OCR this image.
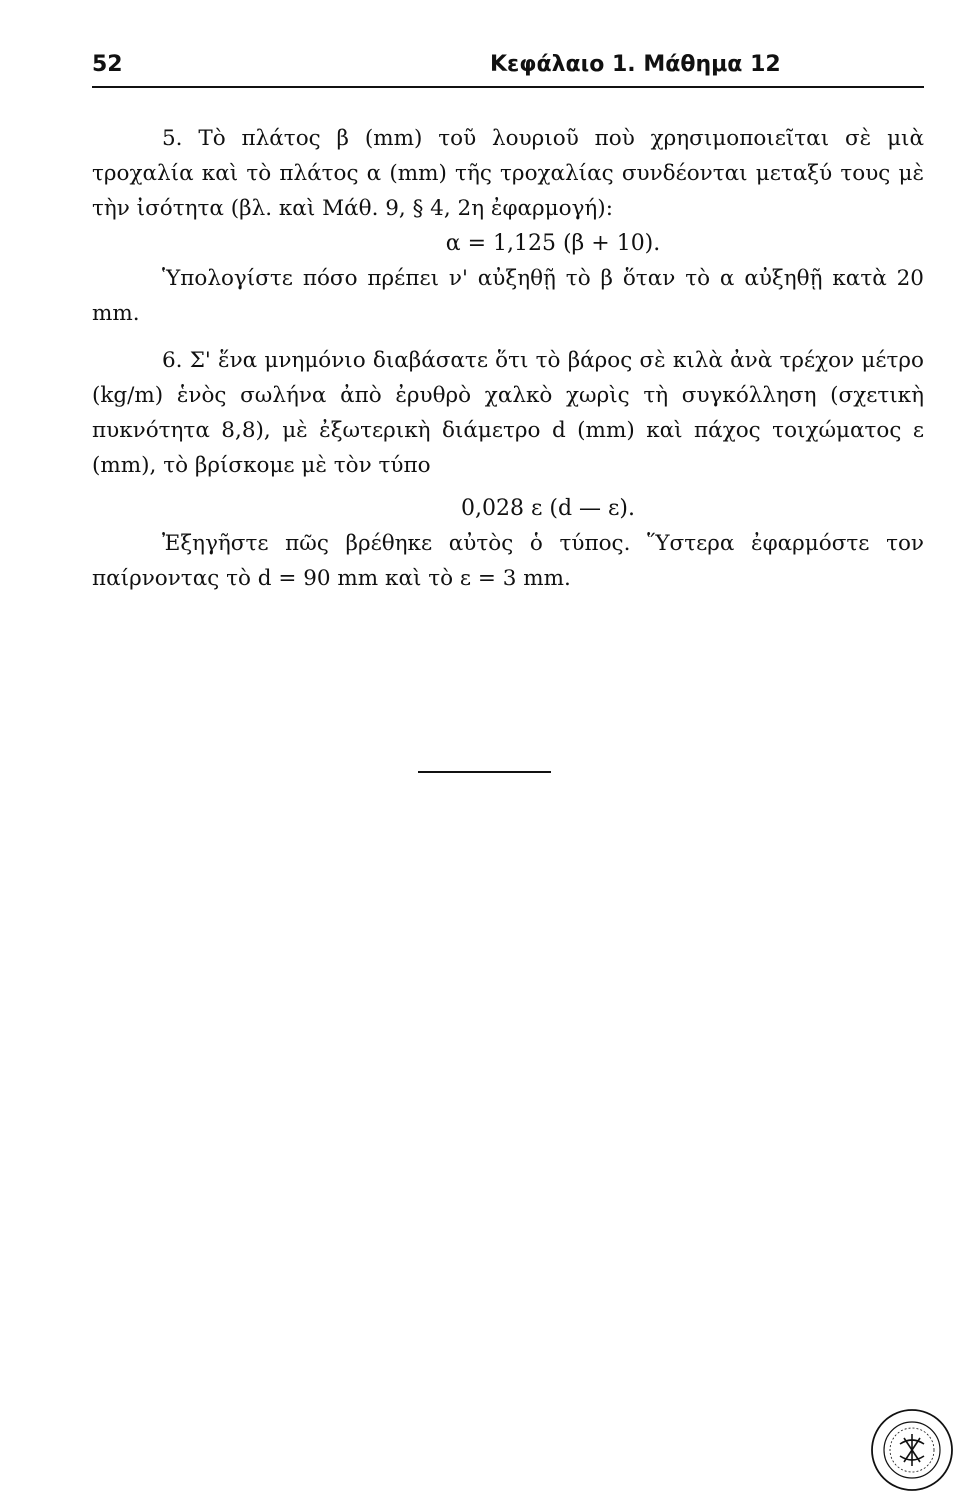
52	Κεφάλαιο 1. Μάθημα 12

5. Τὸ πλάτος β (mm) τοῦ λουριοῦ ποὺ χρησιμοποιεῖται σὲ μιὰ τροχαλία καὶ τὸ πλάτος α (mm) τῆς τροχαλίας συνδέονται μεταξύ τους μὲ τὴν ἰσότητα (βλ. καὶ Μάθ. 9, § 4, 2η ἐφαρμογή):

α = 1,125 (β + 10).

Ὑπολογίστε πόσο πρέπει ν' αὐξηθῇ τὸ β ὅταν τὸ α αὐξηθῇ κατὰ 20 mm.

6. Σ' ἕνα μνημόνιο διαβάσατε ὅτι τὸ βάρος σὲ κιλὰ ἀνὰ τρέχον μέτρο (kg/m) ἑνὸς σωλήνα ἀπὸ ἐρυθρὸ χαλκὸ χωρὶς τὴ συγκόλληση (σχετικὴ πυκνότητα 8,8), μὲ ἐξωτερικὴ διάμετρο d (mm) καὶ πάχος τοιχώματος ε (mm), τὸ βρίσκομε μὲ τὸν τύπο

0,028 ε (d — ε).

Ἐξηγῆστε πῶς βρέθηκε αὐτὸς ὁ τύπος. Ὕστερα ἐφαρμόστε τον παίρνοντας τὸ d = 90 mm καὶ τὸ ε = 3 mm.
